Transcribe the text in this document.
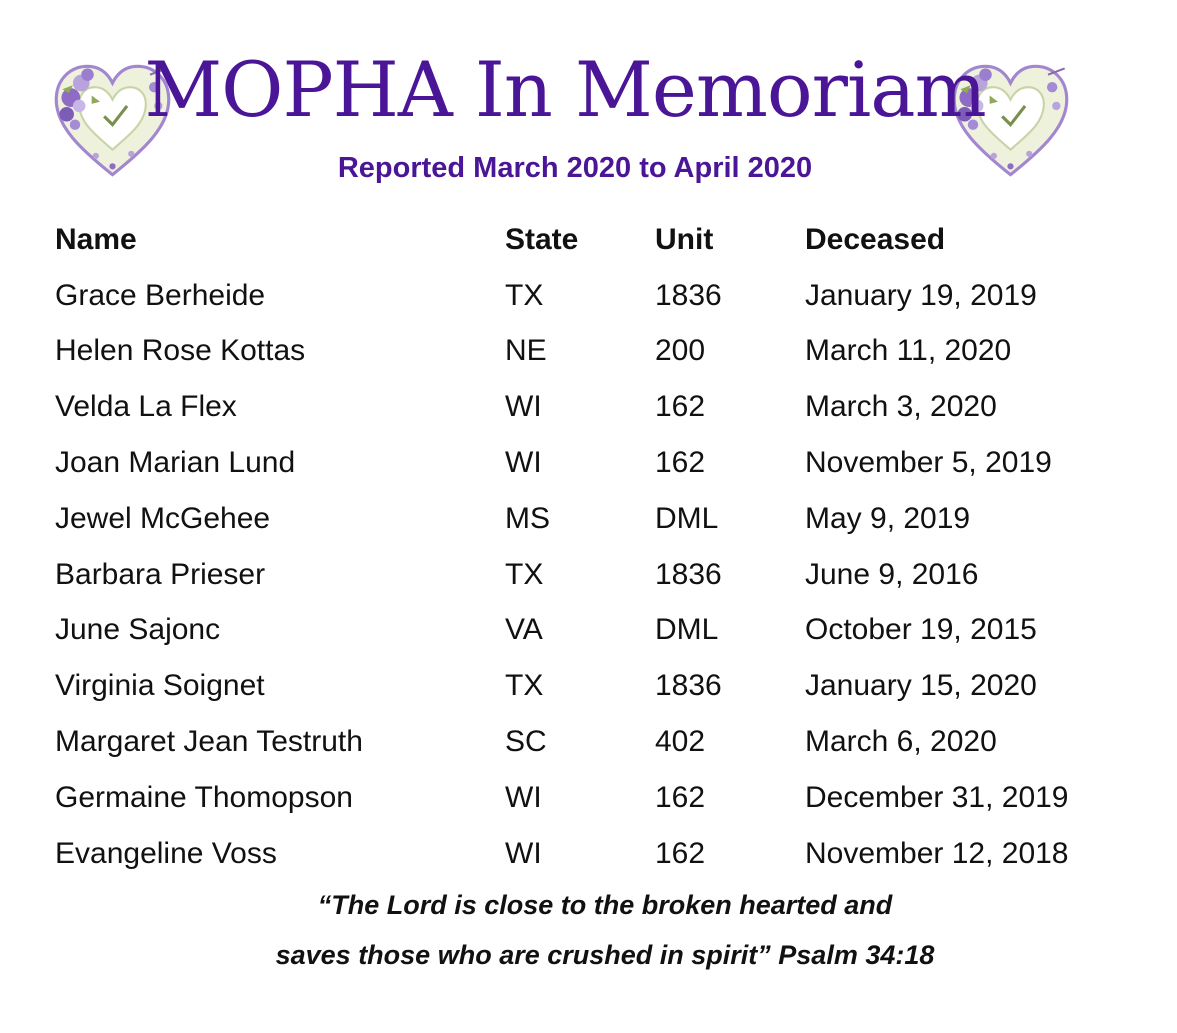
MOPHA In Memoriam
Reported March 2020 to April 2020
Name	State	Unit	Deceased
Grace Berheide	TX	1836	January 19, 2019
Helen Rose Kottas	NE	200	March 11, 2020
Velda La Flex	WI	162	March 3, 2020
Joan Marian Lund	WI	162	November 5, 2019
Jewel McGehee	MS	DML	May 9, 2019
Barbara Prieser	TX	1836	June 9, 2016
June Sajonc	VA	DML	October 19, 2015
Virginia Soignet	TX	1836	January 15, 2020
Margaret Jean Testruth	SC	402	March 6, 2020
Germaine Thomopson	WI	162	December 31, 2019
Evangeline Voss	WI	162	November 12, 2018
“The Lord is close to the broken hearted and
saves those who are crushed in spirit” Psalm 34:18
